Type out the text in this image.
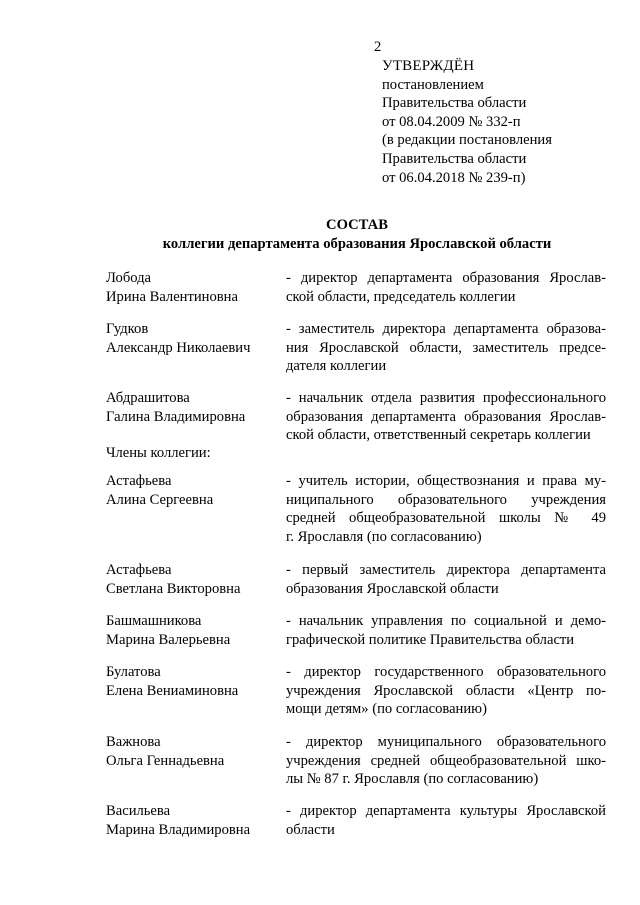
2
УТВЕРЖДЁН
постановлением
Правительства области
от 08.04.2009 № 332-п
(в редакции постановления
Правительства области
от 06.04.2018 № 239-п)
СОСТАВ
коллегии департамента образования Ярославской области
Лобода
Ирина Валентиновна
- директор департамента образования Ярослав-
ской области, председатель коллегии
Гудков
Александр Николаевич
- заместитель директора департамента образова-
ния Ярославской области, заместитель предсе-
дателя коллегии
Абдрашитова
Галина Владимировна
- начальник отдела развития профессионального
образования департамента образования Ярослав-
ской области, ответственный секретарь коллегии
Члены коллегии:
Астафьева
Алина Сергеевна
- учитель истории, обществознания и права му-
ниципального образовательного учреждения
средней общеобразовательной школы № 49
г. Ярославля (по согласованию)
Астафьева
Светлана Викторовна
- первый заместитель директора департамента
образования Ярославской области
Башмашникова
Марина Валерьевна
- начальник управления по социальной и демо-
графической политике Правительства области
Булатова
Елена Вениаминовна
- директор государственного образовательного
учреждения Ярославской области «Центр по-
мощи детям» (по согласованию)
Важнова
Ольга Геннадьевна
- директор муниципального образовательного
учреждения средней общеобразовательной шко-
лы № 87 г. Ярославля (по согласованию)
Васильева
Марина Владимировна
- директор департамента культуры Ярославской
области
